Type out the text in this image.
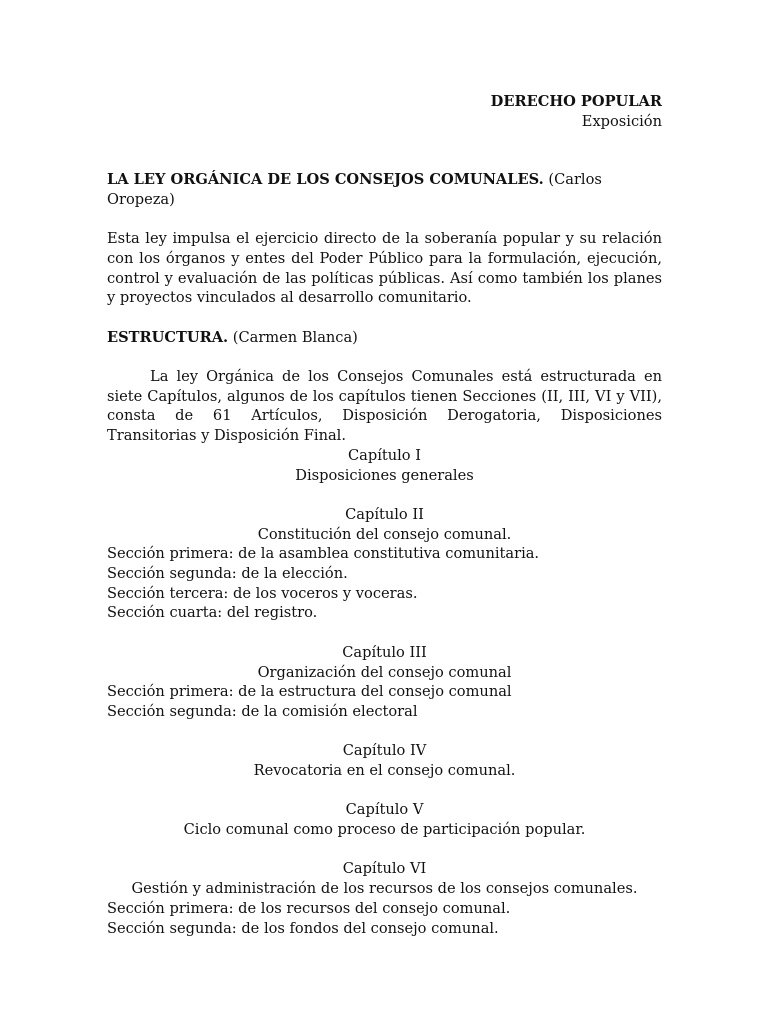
DERECHO POPULAR
Exposición

LA LEY ORGÁNICA DE LOS CONSEJOS COMUNALES. (Carlos Oropeza)

Esta ley impulsa el ejercicio directo de la soberanía popular y su relación con los órganos y entes del Poder Público para la formulación, ejecución, control y evaluación de las políticas públicas. Así como también los planes y proyectos vinculados al desarrollo comunitario.

ESTRUCTURA. (Carmen Blanca)

La ley Orgánica de los Consejos Comunales está estructurada en siete Capítulos, algunos de los capítulos tienen Secciones (II, III, VI y VII), consta de 61 Artículos, Disposición Derogatoria, Disposiciones Transitorias y Disposición Final.

Capítulo I

Disposiciones generales

Capítulo II

Constitución del consejo comunal.

Sección primera: de la asamblea constitutiva comunitaria.

Sección segunda: de la elección.

Sección tercera: de los voceros y voceras.

Sección cuarta: del registro.

Capítulo III

Organización del consejo comunal

Sección primera: de la estructura del consejo comunal

Sección segunda: de la comisión electoral

Capítulo IV

Revocatoria en el consejo comunal.

Capítulo V

Ciclo comunal como proceso de participación popular.

Capítulo VI

Gestión y administración de los recursos de los consejos comunales.

Sección primera: de los recursos del consejo comunal.

Sección segunda: de los fondos del consejo comunal.
